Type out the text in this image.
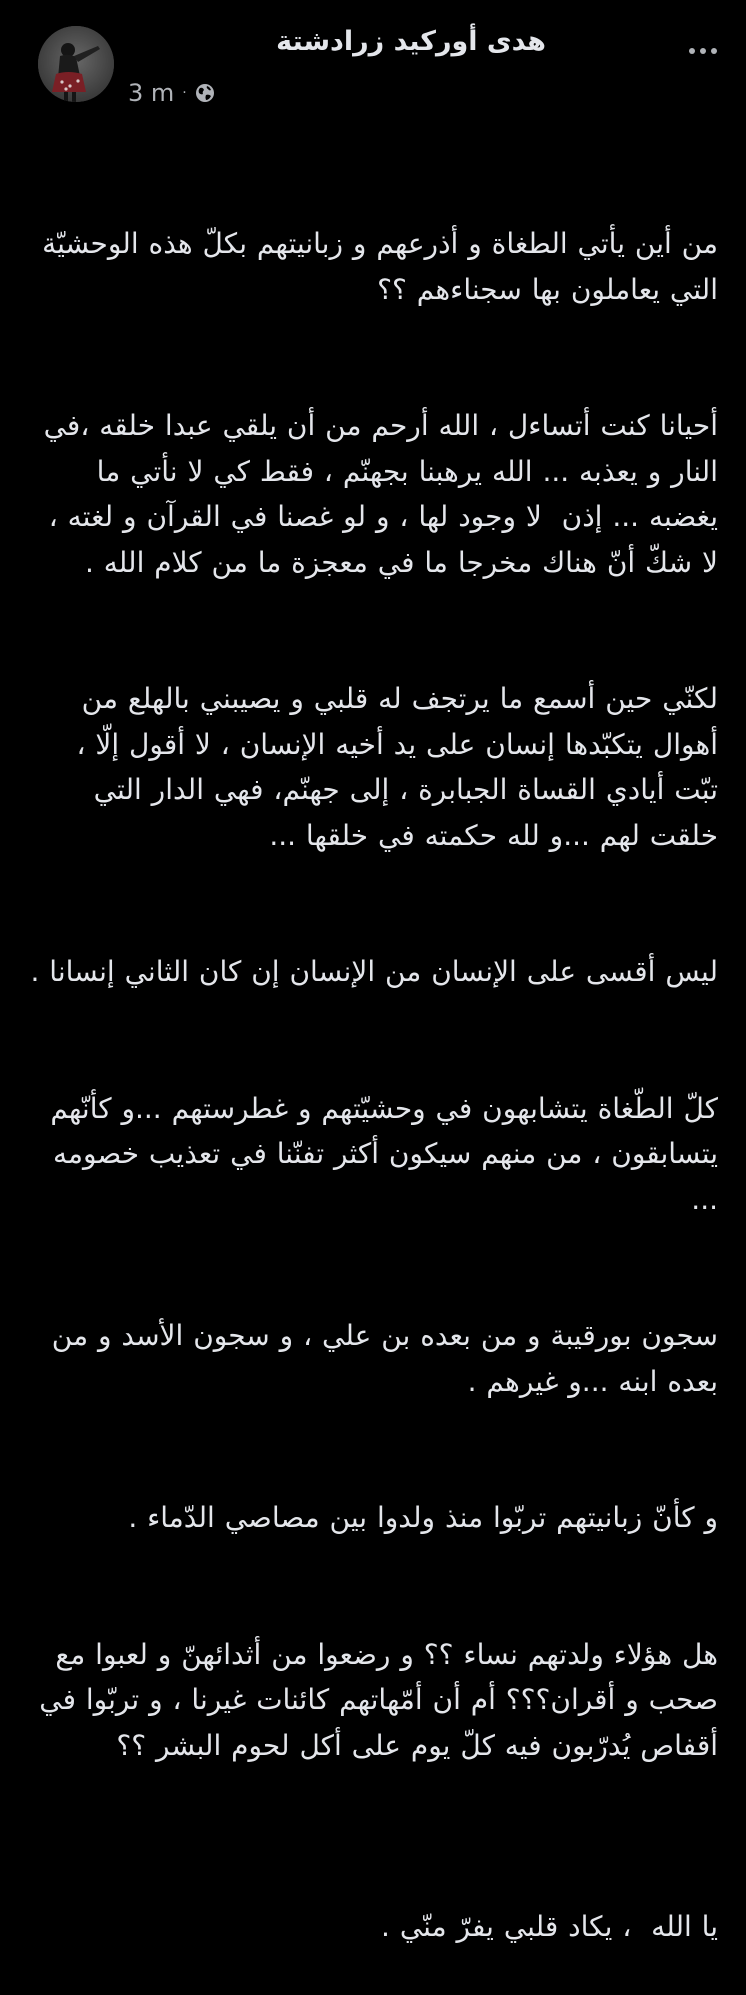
هدى أوركيد زرادشتة
3 m ·

من أين يأتي الطغاة و أذرعهم و زبانيتهم بكلّ هذه الوحشيّة التي يعاملون بها سجناءهم ؟؟

أحيانا كنت أتساءل ، الله أرحم من أن يلقي عبدا خلقه ،في النار و يعذبه ... الله يرهبنا بجهنّم ، فقط كي لا نأتي ما يغضبه ... إذن  لا وجود لها ، و لو غصنا في القرآن و لغته ، لا شكّ أنّ هناك مخرجا ما في معجزة ما من كلام الله .

لكنّي حين أسمع ما يرتجف له قلبي و يصيبني بالهلع من أهوال يتكبّدها إنسان على يد أخيه الإنسان ، لا أقول إلّا ، تبّت أيادي القساة الجبابرة ، إلى جهنّم، فهي الدار التي خلقت لهم ...و لله حكمته في خلقها ...

ليس أقسى على الإنسان من الإنسان إن كان الثاني إنسانا .

كلّ الطّغاة يتشابهون في وحشيّتهم و غطرستهم ...و كأنّهم يتسابقون ، من منهم سيكون أكثر تفنّنا في تعذيب خصومه ...

سجون بورقيبة و من بعده بن علي ، و سجون الأسد و من بعده ابنه ...و غيرهم .

و كأنّ زبانيتهم تربّوا منذ ولدوا بين مصاصي الدّماء .

هل هؤلاء ولدتهم نساء ؟؟ و رضعوا من أثدائهنّ و لعبوا مع صحب و أقران؟؟؟ أم أن أمّهاتهم كائنات غيرنا ، و تربّوا في أقفاص يُدرّبون فيه كلّ يوم على أكل لحوم البشر ؟؟

يا الله  ، يكاد قلبي يفرّ منّي .
